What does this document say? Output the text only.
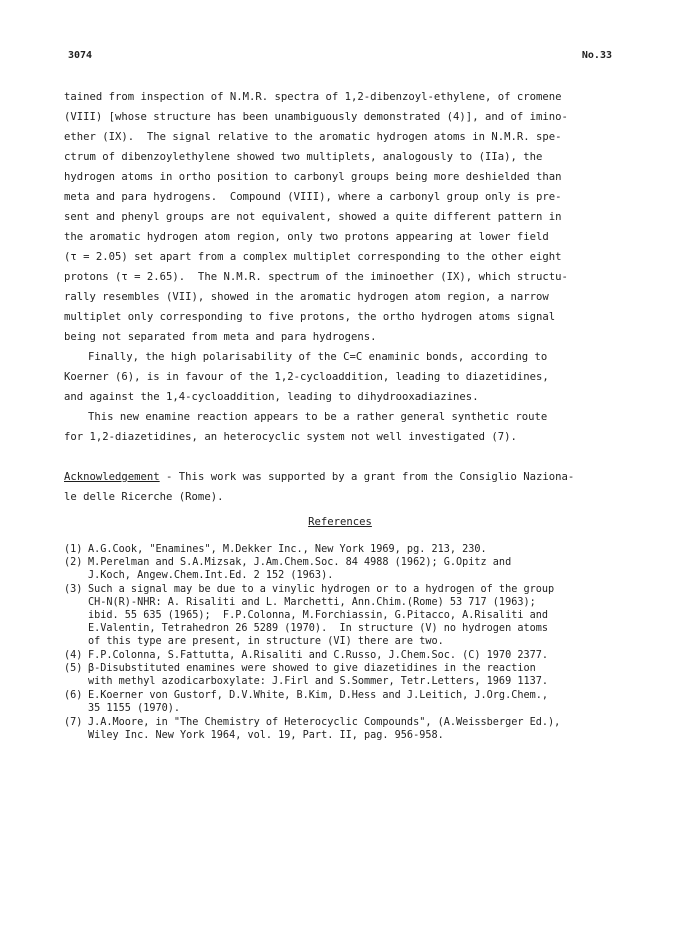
3074	No.33
tained from inspection of N.M.R. spectra of 1,2-dibenzoyl-ethylene, of cromene
(VIII) [whose structure has been unambiguously demonstrated (4)], and of imino-
ether (IX).  The signal relative to the aromatic hydrogen atoms in N.M.R. spe-
ctrum of dibenzoylethylene showed two multiplets, analogously to (IIa), the
hydrogen atoms in ortho position to carbonyl groups being more deshielded than
meta and para hydrogens.  Compound (VIII), where a carbonyl group only is pre-
sent and phenyl groups are not equivalent, showed a quite different pattern in
the aromatic hydrogen atom region, only two protons appearing at lower field
(τ = 2.05) set apart from a complex multiplet corresponding to the other eight
protons (τ = 2.65).  The N.M.R. spectrum of the iminoether (IX), which structu-
rally resembles (VII), showed in the aromatic hydrogen atom region, a narrow
multiplet only corresponding to five protons, the ortho hydrogen atoms signal
being not separated from meta and para hydrogens.
Finally, the high polarisability of the C=C enaminic bonds, according to
Koerner (6), is in favour of the 1,2-cycloaddition, leading to diazetidines,
and against the 1,4-cycloaddition, leading to dihydrooxadiazines.
This new enamine reaction appears to be a rather general synthetic route
for 1,2-diazetidines, an heterocyclic system not well investigated (7).
Acknowledgement - This work was supported by a grant from the Consiglio Naziona-
le delle Ricerche (Rome).
References
(1) A.G.Cook, "Enamines", M.Dekker Inc., New York 1969, pg. 213, 230.
(2) M.Perelman and S.A.Mizsak, J.Am.Chem.Soc. 84 4988 (1962); G.Opitz and
J.Koch, Angew.Chem.Int.Ed. 2 152 (1963).
(3) Such a signal may be due to a vinylic hydrogen or to a hydrogen of the group
CH-N(R)-NHR: A. Risaliti and L. Marchetti, Ann.Chim.(Rome) 53 717 (1963);
ibid. 55 635 (1965);  F.P.Colonna, M.Forchiassin, G.Pitacco, A.Risaliti and
E.Valentin, Tetrahedron 26 5289 (1970).  In structure (V) no hydrogen atoms
of this type are present, in structure (VI) there are two.
(4) F.P.Colonna, S.Fattutta, A.Risaliti and C.Russo, J.Chem.Soc. (C) 1970 2377.
(5) β-Disubstituted enamines were showed to give diazetidines in the reaction
with methyl azodicarboxylate: J.Firl and S.Sommer, Tetr.Letters, 1969 1137.
(6) E.Koerner von Gustorf, D.V.White, B.Kim, D.Hess and J.Leitich, J.Org.Chem.,
35 1155 (1970).
(7) J.A.Moore, in "The Chemistry of Heterocyclic Compounds", (A.Weissberger Ed.),
Wiley Inc. New York 1964, vol. 19, Part. II, pag. 956-958.
